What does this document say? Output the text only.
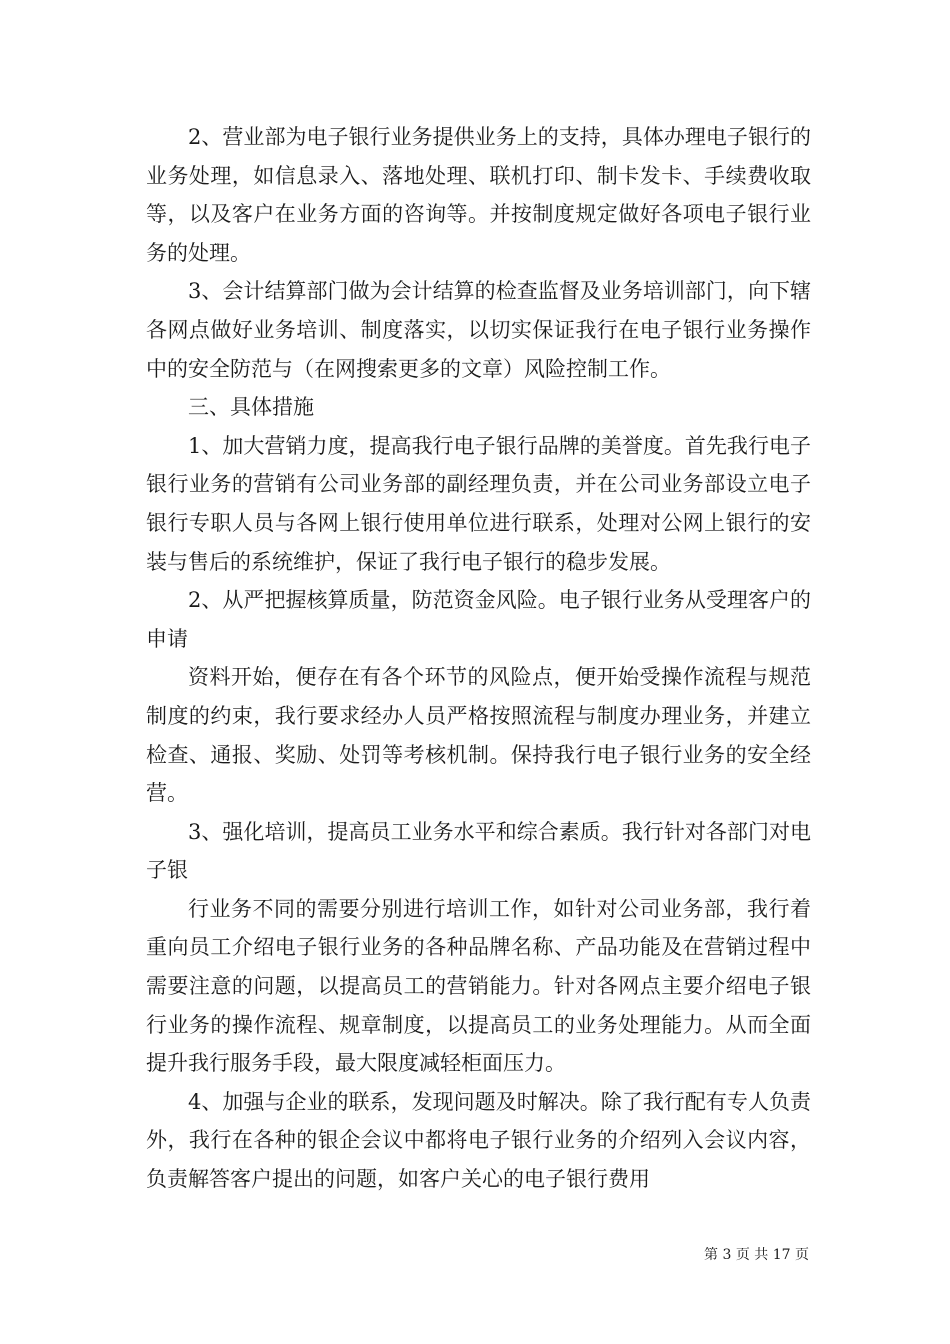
2、营业部为电子银行业务提供业务上的支持，具体办理电子银行的业务处理，如信息录入、落地处理、联机打印、制卡发卡、手续费收取等，以及客户在业务方面的咨询等。并按制度规定做好各项电子银行业务的处理。

3、会计结算部门做为会计结算的检查监督及业务培训部门，向下辖各网点做好业务培训、制度落实，以切实保证我行在电子银行业务操作中的安全防范与（在网搜索更多的文章）风险控制工作。

三、具体措施

1、加大营销力度，提高我行电子银行品牌的美誉度。首先我行电子银行业务的营销有公司业务部的副经理负责，并在公司业务部设立电子银行专职人员与各网上银行使用单位进行联系，处理对公网上银行的安装与售后的系统维护，保证了我行电子银行的稳步发展。

2、从严把握核算质量，防范资金风险。电子银行业务从受理客户的申请

资料开始，便存在有各个环节的风险点，便开始受操作流程与规范制度的约束，我行要求经办人员严格按照流程与制度办理业务，并建立检查、通报、奖励、处罚等考核机制。保持我行电子银行业务的安全经营。

3、强化培训，提高员工业务水平和综合素质。我行针对各部门对电子银

行业务不同的需要分别进行培训工作，如针对公司业务部，我行着重向员工介绍电子银行业务的各种品牌名称、产品功能及在营销过程中需要注意的问题，以提高员工的营销能力。针对各网点主要介绍电子银行业务的操作流程、规章制度，以提高员工的业务处理能力。从而全面提升我行服务手段，最大限度减轻柜面压力。

4、加强与企业的联系，发现问题及时解决。除了我行配有专人负责外，我行在各种的银企会议中都将电子银行业务的介绍列入会议内容，负责解答客户提出的问题，如客户关心的电子银行费用

第 3 页 共 17 页
